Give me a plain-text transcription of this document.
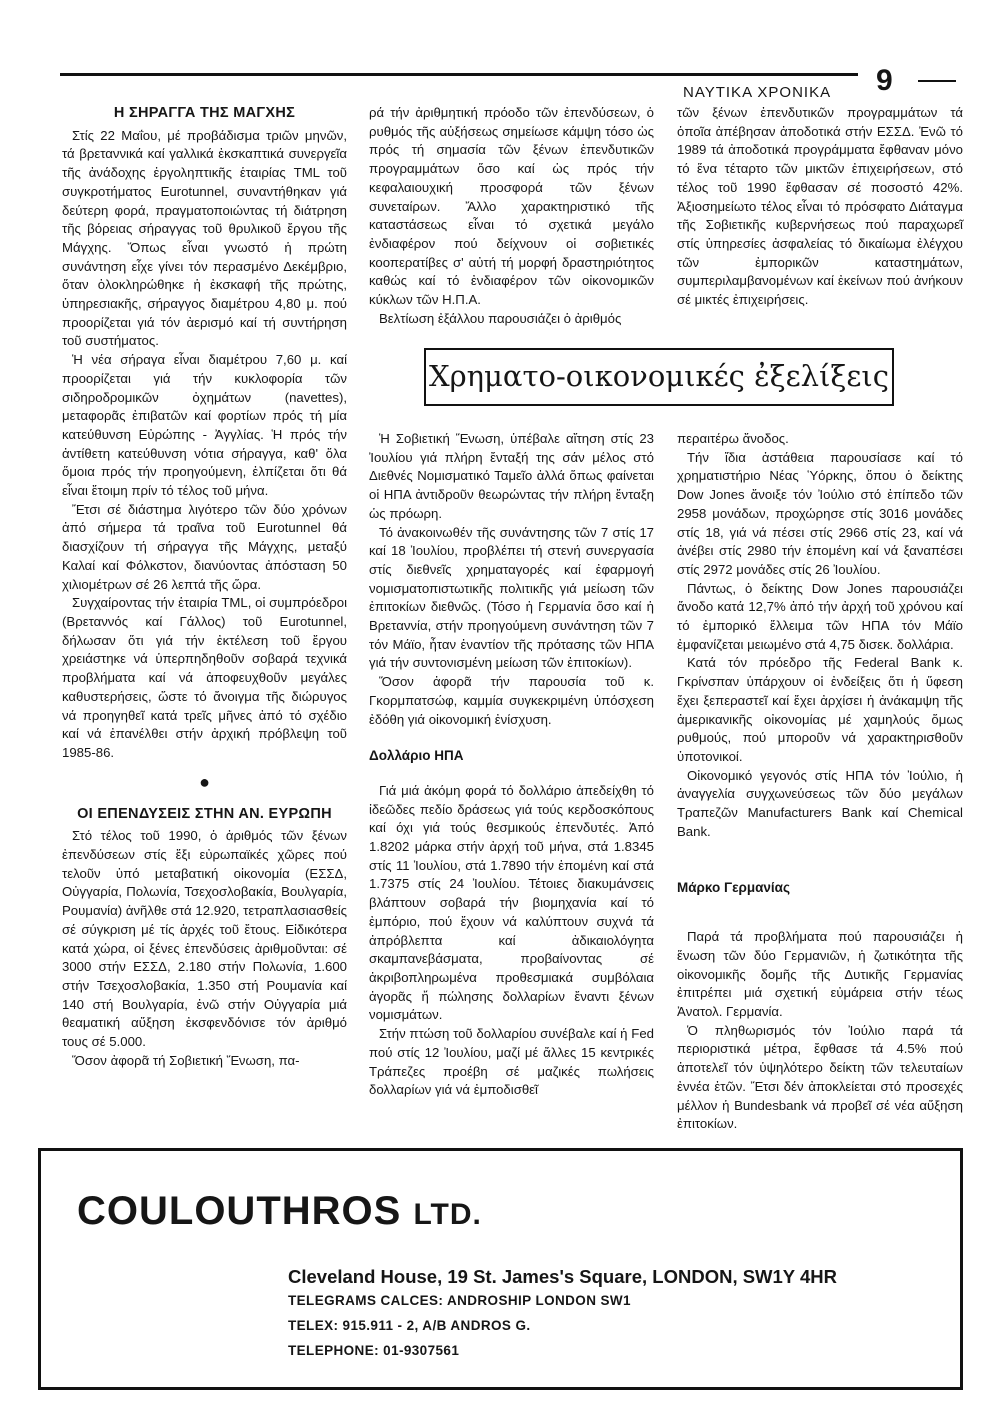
ΝΑΥΤΙΚΑ ΧΡΟΝΙΚΑ 9
Η ΣΗΡΑΓΓΑ ΤΗΣ ΜΑΓΧΗΣ

Στίς 22 Μαΐου, μέ προβάδισμα τριῶν μηνῶν, τά βρεταννικά καί γαλλικά ἐκσκαπτικά συνεργεῖα τῆς ἀνάδοχης ἐργοληπτικῆς ἑταιρίας TML τοῦ συγκροτήματος Eurotunnel, συναντήθηκαν γιά δεύτερη φορά, πραγματοποιώντας τή διάτρηση τῆς βόρειας σήραγγας τοῦ θρυλικοῦ ἔργου τῆς Μάγχης. Ὅπως εἶναι γνωστό ἡ πρώτη συνάντηση εἶχε γίνει τόν περασμένο Δεκέμβριο, ὅταν ὁλοκληρώθηκε ἡ ἐκσκαφή τῆς πρώτης, ὑπηρεσιακῆς, σήραγγος διαμέτρου 4,80 μ. πού προορίζεται γιά τόν ἀερισμό καί τή συντήρηση τοῦ συστήματος.

Ἡ νέα σήραγα εἶναι διαμέτρου 7,60 μ. καί προορίζεται γιά τήν κυκλοφορία τῶν σιδηροδρομικῶν ὀχημάτων (navettes), μεταφορᾶς ἐπιβατῶν καί φορτίων πρός τή μία κατεύθυνση Εὐρώπης - Ἀγγλίας. Ἡ πρός τήν ἀντίθετη κατεύθυνση νότια σήραγγα, καθ' ὅλα ὅμοια πρός τήν προηγούμενη, ἐλπίζεται ὅτι θά εἶναι ἕτοιμη πρίν τό τέλος τοῦ μήνα.

Ἔτσι σέ διάστημα λιγότερο τῶν δύο χρόνων ἀπό σήμερα τά τραῖνα τοῦ Eurotunnel θά διασχίζουν τή σήραγγα τῆς Μάγχης, μεταξύ Καλαί καί Φόλκστον, διανύοντας ἀπόσταση 50 χιλιομέτρων σέ 26 λεπτά τῆς ὥρα.

Συγχαίροντας τήν ἑταιρία TML, οἱ συμπρόεδροι (Βρεταννός καί Γάλλος) τοῦ Eurotunnel, δήλωσαν ὅτι γιά τήν ἐκτέλεση τοῦ ἔργου χρειάστηκε νά ὑπερπηδηθοῦν σοβαρά τεχνικά προβλήματα καί νά ἀποφευχθοῦν μεγάλες καθυστερήσεις, ὥστε τό ἄνοιγμα τῆς διώρυγος νά προηγηθεῖ κατά τρεῖς μῆνες ἀπό τό σχέδιο καί νά ἐπανέλθει στήν ἀρχική πρόβλεψη τοῦ 1985-86.

●
ΟΙ ΕΠΕΝΔΥΣΕΙΣ ΣΤΗΝ ΑΝ. ΕΥΡΩΠΗ

Στό τέλος τοῦ 1990, ὁ ἀριθμός τῶν ξένων ἐπενδύσεων στίς ἕξι εὐρωπαϊκές χῶρες πού τελοῦν ὑπό μεταβατική οἰκονομία (ΕΣΣΔ, Οὐγγαρία, Πολωνία, Τσεχοσλοβακία, Βουλγαρία, Ρουμανία) ἀνῆλθε στά 12.920, τετραπλασιασθείς σέ σύγκριση μέ τίς ἀρχές τοῦ ἔτους. Εἰδικότερα κατά χώρα, οἱ ξένες ἐπενδύσεις ἀριθμοῦνται: σέ 3000 στήν ΕΣΣΔ, 2.180 στήν Πολωνία, 1.600 στήν Τσεχοσλοβακία, 1.350 στή Ρουμανία καί 140 στή Βουλγαρία, ἐνῶ στήν Οὐγγαρία μιά θεαματική αὔξηση ἐκσφενδόνισε τόν ἀριθμό τους σέ 5.000.

Ὅσον ἀφορᾶ τή Σοβιετική Ἕνωση, πα-

ρά τήν ἀριθμητική πρόοδο τῶν ἐπενδύσεων, ὁ ρυθμός τῆς αὐξήσεως σημείωσε κάμψη τόσο ὡς πρός τή σημασία τῶν ξένων ἐπενδυτικῶν προγραμμάτων ὅσο καί ὡς πρός τήν κεφαλαιουχική προσφορά τῶν ξένων συνεταίρων. Ἄλλο χαρακτηριστικό τῆς καταστάσεως εἶναι τό σχετικά μεγάλο ἐνδιαφέρον πού δείχνουν οἱ σοβιετικές κοοπερατίβες σ' αὐτή τή μορφή δραστηριότητος καθώς καί τό ἐνδιαφέρον τῶν οἰκονομικῶν κύκλων τῶν Η.Π.Α.

Βελτίωση ἐξάλλου παρουσιάζει ὁ ἀριθμός

τῶν ξένων ἐπενδυτικῶν προγραμμάτων τά ὁποῖα ἀπέβησαν ἀποδοτικά στήν ΕΣΣΔ. Ἐνῶ τό 1989 τά ἀποδοτικά προγράμματα ἔφθαναν μόνο τό ἕνα τέταρτο τῶν μικτῶν ἐπιχειρήσεων, στό τέλος τοῦ 1990 ἔφθασαν σέ ποσοστό 42%. Ἀξιοσημείωτο τέλος εἶναι τό πρόσφατο Διάταγμα τῆς Σοβιετικῆς κυβερνήσεως πού παραχωρεῖ στίς ὑπηρεσίες ἀσφαλείας τό δικαίωμα ἐλέγχου τῶν ἐμπορικῶν καταστημάτων, συμπεριλαμβανομένων καί ἐκείνων πού ἀνήκουν σέ μικτές ἐπιχειρήσεις.

Χρηματο-οικονομικές ἐξελίξεις

Ἡ Σοβιετική Ἕνωση, ὑπέβαλε αἴτηση στίς 23 Ἰουλίου γιά πλήρη ἔνταξή της σάν μέλος στό Διεθνές Νομισματικό Ταμεῖο ἀλλά ὅπως φαίνεται οἱ ΗΠΑ ἀντιδροῦν θεωρώντας τήν πλήρη ἔνταξη ὡς πρόωρη.

Τό ἀνακοινωθέν τῆς συνάντησης τῶν 7 στίς 17 καί 18 Ἰουλίου, προβλέπει τή στενή συνεργασία στίς διεθνεῖς χρηματαγορές καί ἐφαρμογή νομισματοπιστωτικῆς πολιτικῆς γιά μείωση τῶν ἐπιτοκίων διεθνῶς. (Τόσο ἡ Γερμανία ὅσο καί ἡ Βρεταννία, στήν προηγούμενη συνάντηση τῶν 7 τόν Μάϊο, ἦταν ἐναντίον τῆς πρότασης τῶν ΗΠΑ γιά τήν συντονισμένη μείωση τῶν ἐπιτοκίων).

Ὅσον ἀφορᾶ τήν παρουσία τοῦ κ. Γκορμπατσώφ, καμμία συγκεκριμένη ὑπόσχεση ἐδόθη γιά οἰκονομική ἐνίσχυση.

Δολλάριο ΗΠΑ

Γιά μιά ἀκόμη φορά τό δολλάριο ἀπεδείχθη τό ἰδεῶδες πεδίο δράσεως γιά τούς κερδοσκόπους καί όχι γιά τούς θεσμικούς ἐπενδυτές. Ἀπό 1.8202 μάρκα στήν ἀρχή τοῦ μήνα, στά 1.8345 στίς 11 Ἰουλίου, στά 1.7890 τήν ἑπομένη καί στά 1.7375 στίς 24 Ἰουλίου. Τέτοιες διακυμάνσεις βλάπτουν σοβαρά τήν βιομηχανία καί τό ἐμπόριο, πού ἔχουν νά καλύπτουν συχνά τά ἀπρόβλεπτα καί ἀδικαιολόγητα σκαμπανεβάσματα, προβαίνοντας σέ ἀκριβοπληρωμένα προθεσμιακά συμβόλαια ἀγορᾶς ἤ πώλησης δολλαρίων ἔναντι ξένων νομισμάτων.

Στήν πτώση τοῦ δολλαρίου συνέβαλε καί ἡ Fed πού στίς 12 Ἰουλίου, μαζί μέ ἄλλες 15 κεντρικές Τράπεζες προέβη σέ μαζικές πωλήσεις δολλαρίων γιά νά ἐμποδισθεῖ

περαιτέρω ἄνοδος.

Τήν ἴδια ἀστάθεια παρουσίασε καί τό χρηματιστήριο Νέας Ὑόρκης, ὅπου ὁ δείκτης Dow Jones ἄνοιξε τόν Ἰούλιο στό ἐπίπεδο τῶν 2958 μονάδων, προχώρησε στίς 3016 μονάδες στίς 18, γιά νά πέσει στίς 2966 στίς 23, καί νά ἀνέβει στίς 2980 τήν ἑπομένη καί νά ξαναπέσει στίς 2972 μονάδες στίς 26 Ἰουλίου.

Πάντως, ὁ δείκτης Dow Jones παρουσιάζει ἄνοδο κατά 12,7% ἀπό τήν ἀρχή τοῦ χρόνου καί τό ἐμπορικό ἔλλειμα τῶν ΗΠΑ τόν Μάϊο ἐμφανίζεται μειωμένο στά 4,75 δισεκ. δολλάρια.

Κατά τόν πρόεδρο τῆς Federal Bank κ. Γκρίνσπαν ὑπάρχουν οἱ ἐνδείξεις ὅτι ἡ ὕφεση ἔχει ξεπεραστεῖ καί ἔχει ἀρχίσει ἡ ἀνάκαμψη τῆς ἀμερικανικῆς οἰκονομίας μέ χαμηλούς ὅμως ρυθμούς, πού μποροῦν νά χαρακτηρισθοῦν ὑποτονικοί.

Οἰκονομικό γεγονός στίς ΗΠΑ τόν Ἰούλιο, ἡ ἀναγγελία συγχωνεύσεως τῶν δύο μεγάλων Τραπεζῶν Manufacturers Bank καί Chemical Bank.

Μάρκο Γερμανίας

Παρά τά προβλήματα πού παρουσιάζει ἡ ἕνωση τῶν δύο Γερμανιῶν, ἡ ζωτικότητα τῆς οἰκονομικῆς δομῆς τῆς Δυτικῆς Γερμανίας ἐπιτρέπει μιά σχετική εὐμάρεια στήν τέως Ἀνατολ. Γερμανία.

Ὁ πληθωρισμός τόν Ἰούλιο παρά τά περιοριστικά μέτρα, ἔφθασε τά 4.5% πού ἀποτελεῖ τόν ὑψηλότερο δείκτη τῶν τελευταίων ἐννέα ἐτῶν. Ἔτσι δέν ἀποκλείεται στό προσεχές μέλλον ἡ Bundesbank νά προβεῖ σέ νέα αὔξηση ἐπιτοκίων.

COULOUTHROS LTD.
Cleveland House, 19 St. James's Square, LONDON, SW1Y 4HR
TELEGRAMS CALCES: ANDROSHIP LONDON SW1
TELEX: 915.911 - 2, A/B ANDROS G.
TELEPHONE: 01-9307561
